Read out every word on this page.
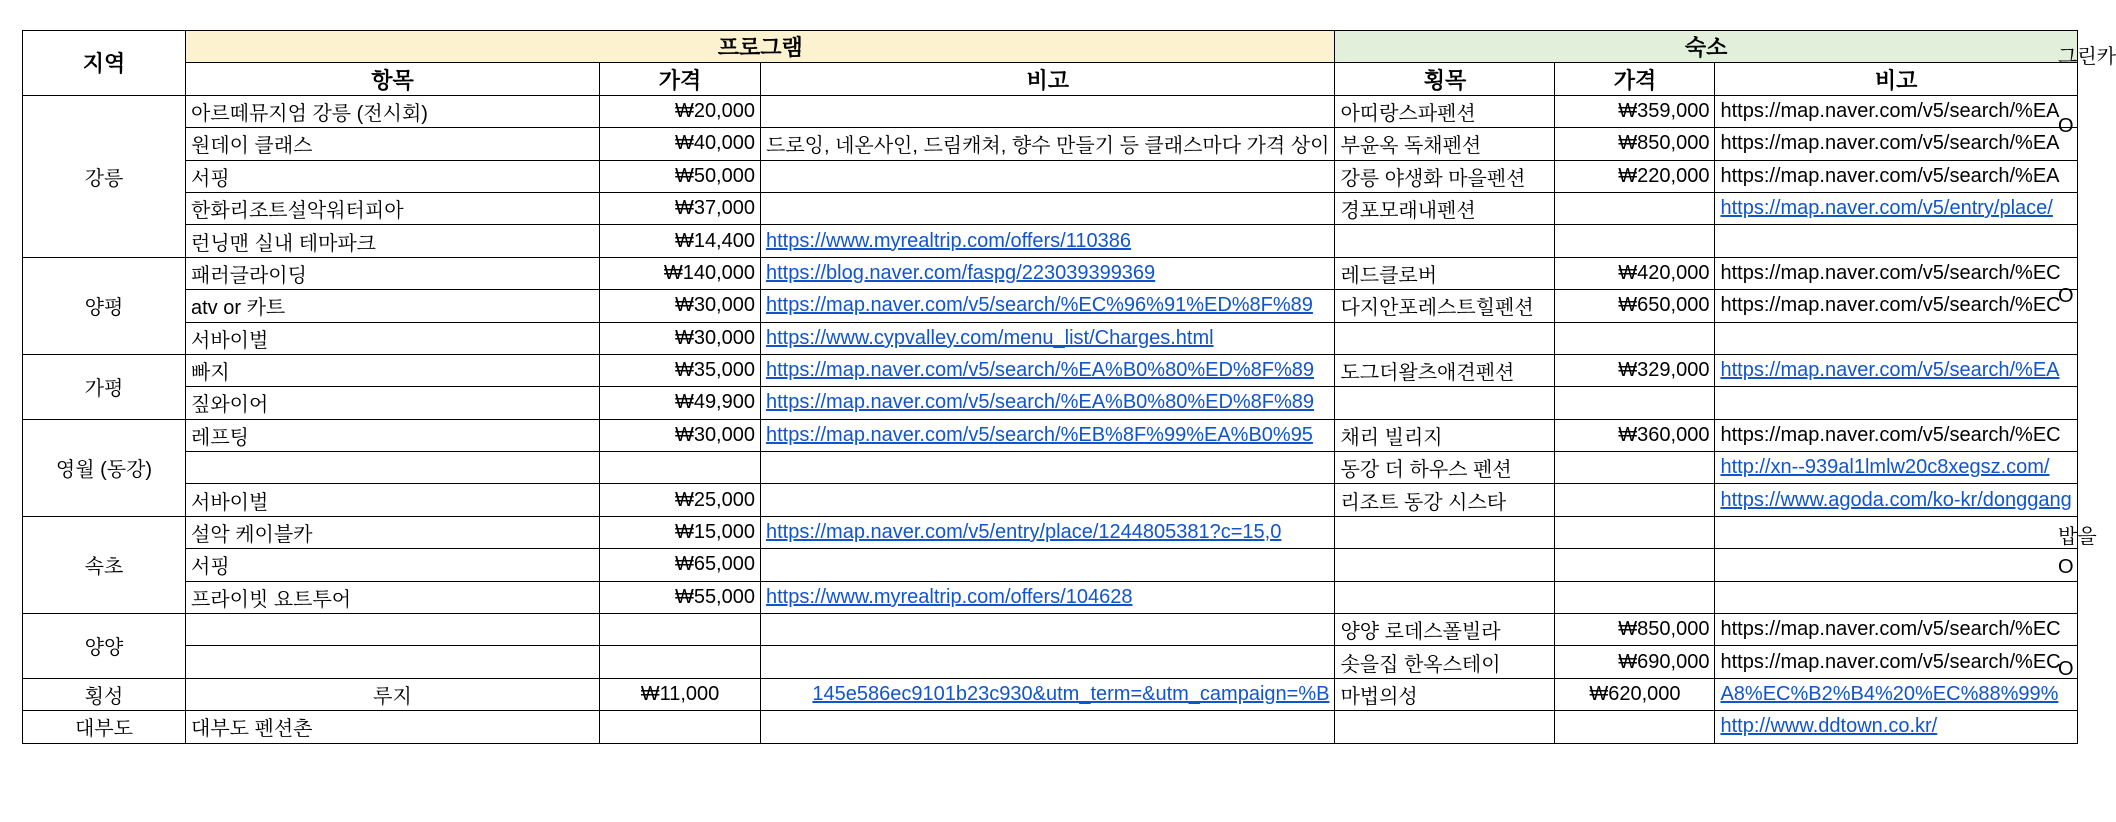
지역	프로그램			숙소		
	항목	가격	비고	횡목	가격	비고
강릉	아르떼뮤지엄 강릉 (전시회)	₩20,000		아띠랑스파펜션	₩359,000	https://map.naver.com/v5/search/%EA
	원데이 클래스	₩40,000	드로잉, 네온사인, 드림캐쳐, 향수 만들기 등 클래스마다 가격 상이	부윤옥 독채펜션	₩850,000	https://map.naver.com/v5/search/%EA
	서핑	₩50,000		강릉 야생화 마을펜션	₩220,000	https://map.naver.com/v5/search/%EA
	한화리조트설악워터피아	₩37,000		경포모래내펜션		https://map.naver.com/v5/entry/place/
	런닝맨 실내 테마파크	₩14,400	https://www.myrealtrip.com/offers/110386			
양평	패러글라이딩	₩140,000	https://blog.naver.com/faspg/223039399369	레드클로버	₩420,000	https://map.naver.com/v5/search/%EC
	atv or 카트	₩30,000	https://map.naver.com/v5/search/%EC%96%91%ED%8F%89	다지안포레스트힐펜션	₩650,000	https://map.naver.com/v5/search/%EC
	서바이벌	₩30,000	https://www.cypvalley.com/menu_list/Charges.html			
가평	빠지	₩35,000	https://map.naver.com/v5/search/%EA%B0%80%ED%8F%89	도그더왈츠애견펜션	₩329,000	https://map.naver.com/v5/search/%EA
	짚와이어	₩49,900	https://map.naver.com/v5/search/%EA%B0%80%ED%8F%89			
영월 (동강)	레프팅	₩30,000	https://map.naver.com/v5/search/%EB%8F%99%EA%B0%95	채리 빌리지	₩360,000	https://map.naver.com/v5/search/%EC
				동강 더 하우스 펜션		http://xn--939al1lmlw20c8xegsz.com/
	서바이벌	₩25,000		리조트 동강 시스타		https://www.agoda.com/ko-kr/donggang
속초	설악 케이블카	₩15,000	https://map.naver.com/v5/entry/place/1244805381?c=15,0			
	서핑	₩65,000				
	프라이빗 요트투어	₩55,000	https://www.myrealtrip.com/offers/104628			
양양				양양 로데스폴빌라	₩850,000	https://map.naver.com/v5/search/%EC
				솟을집 한옥스테이	₩690,000	https://map.naver.com/v5/search/%EC
횡성	루지	₩11,000	145e586ec9101b23c930&utm_term=&utm_campaign=%B	마법의성	₩620,000	A8%EC%B2%B4%20%EC%88%99%
대부도	대부도 펜션촌					http://www.ddtown.co.kr/
그린카
O
O
밥을
O
O
